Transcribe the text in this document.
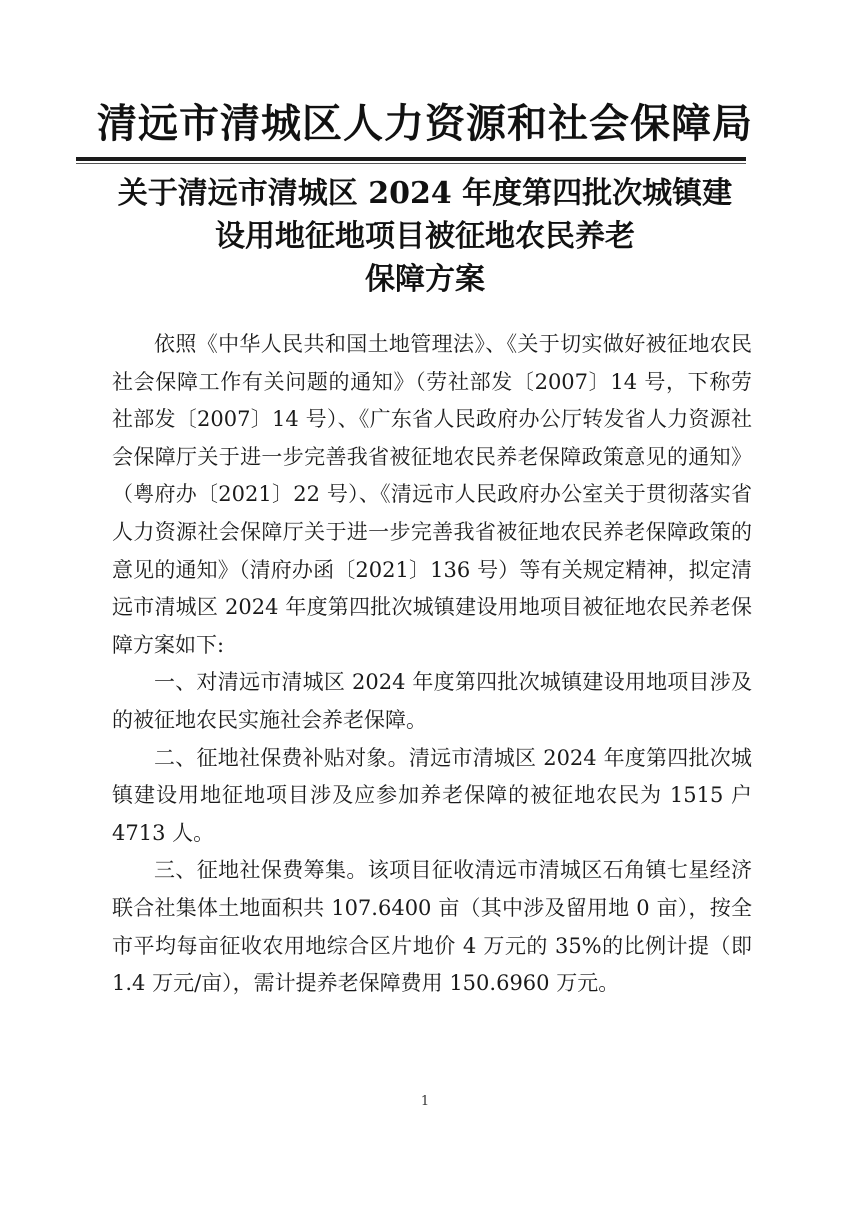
清远市清城区人力资源和社会保障局
关于清远市清城区 2024 年度第四批次城镇建
设用地征地项目被征地农民养老
保障方案

依照《中华人民共和国土地管理法》、《关于切实做好被征地农民社会保障工作有关问题的通知》（劳社部发〔2007〕14 号，下称劳社部发〔2007〕14 号）、《广东省人民政府办公厅转发省人力资源社会保障厅关于进一步完善我省被征地农民养老保障政策意见的通知》（粤府办〔2021〕22 号）、《清远市人民政府办公室关于贯彻落实省人力资源社会保障厅关于进一步完善我省被征地农民养老保障政策的意见的通知》（清府办函〔2021〕136 号）等有关规定精神，拟定清远市清城区 2024 年度第四批次城镇建设用地项目被征地农民养老保障方案如下:

一、对清远市清城区 2024 年度第四批次城镇建设用地项目涉及的被征地农民实施社会养老保障。

二、征地社保费补贴对象。清远市清城区 2024 年度第四批次城镇建设用地征地项目涉及应参加养老保障的被征地农民为 1515 户 4713 人。

三、征地社保费筹集。该项目征收清远市清城区石角镇七星经济联合社集体土地面积共 107.6400 亩（其中涉及留用地 0 亩），按全市平均每亩征收农用地综合区片地价 4 万元的 35%的比例计提（即 1.4 万元/亩），需计提养老保障费用 150.6960 万元。

1
